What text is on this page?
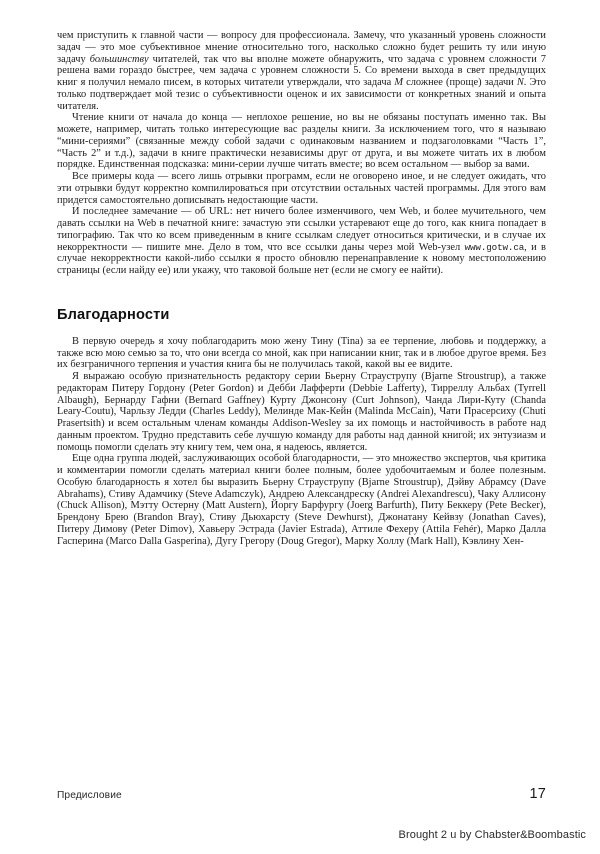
чем приступить к главной части — вопросу для профессионала. Замечу, что указанный уровень сложности задач — это мое субъективное мнение относительно того, насколько сложно будет решить ту или иную задачу большинству читателей, так что вы вполне можете обнаружить, что задача с уровнем сложности 7 решена вами гораздо быстрее, чем задача с уровнем сложности 5. Со времени выхода в свет предыдущих книг я получил немало писем, в которых читатели утверждали, что задача M сложнее (проще) задачи N. Это только подтверждает мой тезис о субъективности оценок и их зависимости от конкретных знаний и опыта читателя.

Чтение книги от начала до конца — неплохое решение, но вы не обязаны поступать именно так. Вы можете, например, читать только интересующие вас разделы книги. За исключением того, что я называю “мини-сериями” (связанные между собой задачи с одинаковым названием и подзаголовками “Часть 1”, “Часть 2” и т.д.), задачи в книге практически независимы друг от друга, и вы можете читать их в любом порядке. Единственная подсказка: мини-серии лучше читать вместе; во всем остальном — выбор за вами.

Все примеры кода — всего лишь отрывки программ, если не оговорено иное, и не следует ожидать, что эти отрывки будут корректно компилироваться при отсутствии остальных частей программы. Для этого вам придется самостоятельно дописывать недостающие части.

И последнее замечание — об URL: нет ничего более изменчивого, чем Web, и более мучительного, чем давать ссылки на Web в печатной книге: зачастую эти ссылки устаревают еще до того, как книга попадает в типографию. Так что ко всем приведенным в книге ссылкам следует относиться критически, и в случае их некорректности — пишите мне. Дело в том, что все ссылки даны через мой Web-узел www.gotw.ca, и в случае некорректности какой-либо ссылки я просто обновлю перенаправление к новому местоположению страницы (если найду ее) или укажу, что таковой больше нет (если не смогу ее найти).

Благодарности

В первую очередь я хочу поблагодарить мою жену Тину (Tina) за ее терпение, любовь и поддержку, а также всю мою семью за то, что они всегда со мной, как при написании книг, так и в любое другое время. Без их безграничного терпения и участия книга бы не получилась такой, какой вы ее видите.

Я выражаю особую признательность редактору серии Бьерну Страуструпу (Bjarne Stroustrup), а также редакторам Питеру Гордону (Peter Gordon) и Дебби Лафферти (Debbie Lafferty), Тирреллу Альбах (Tyrrell Albaugh), Бернарду Гафни (Bernard Gaffney) Курту Джонсону (Curt Johnson), Чанда Лири-Куту (Chanda Leary-Coutu), Чарльзу Ледди (Charles Leddy), Мелинде Мак-Кейн (Malinda McCain), Чати Прасерсиху (Chuti Prasertsith) и всем остальным членам команды Addison-Wesley за их помощь и настойчивость в работе над данным проектом. Трудно представить себе лучшую команду для работы над данной книгой; их энтузиазм и помощь помогли сделать эту книгу тем, чем она, я надеюсь, является.

Еще одна группа людей, заслуживающих особой благодарности, — это множество экспертов, чья критика и комментарии помогли сделать материал книги более полным, более удобочитаемым и более полезным. Особую благодарность я хотел бы выразить Бьерну Страуструпу (Bjarne Stroustrup), Дэйву Абрамсу (Dave Abrahams), Стиву Адамчику (Steve Adamczyk), Андрею Александреску (Andrei Alexandrescu), Чаку Аллисону (Chuck Allison), Мэтту Остерну (Matt Austern), Йоргу Барфургу (Joerg Barfurth), Питу Беккеру (Pete Becker), Брендону Брею (Brandon Bray), Стиву Дьюхарсту (Steve Dewhurst), Джонатану Кейвзу (Jonathan Caves), Питеру Димову (Peter Dimov), Хавьеру Эстрада (Javier Estrada), Аттиле Фехеру (Attila Fehér), Марко Далла Гасперина (Marco Dalla Gasperina), Дугу Грегору (Doug Gregor), Марку Холлу (Mark Hall), Кэвлину Хен-

Предисловие	17
Brought 2 u by Chabster&Boombastic
